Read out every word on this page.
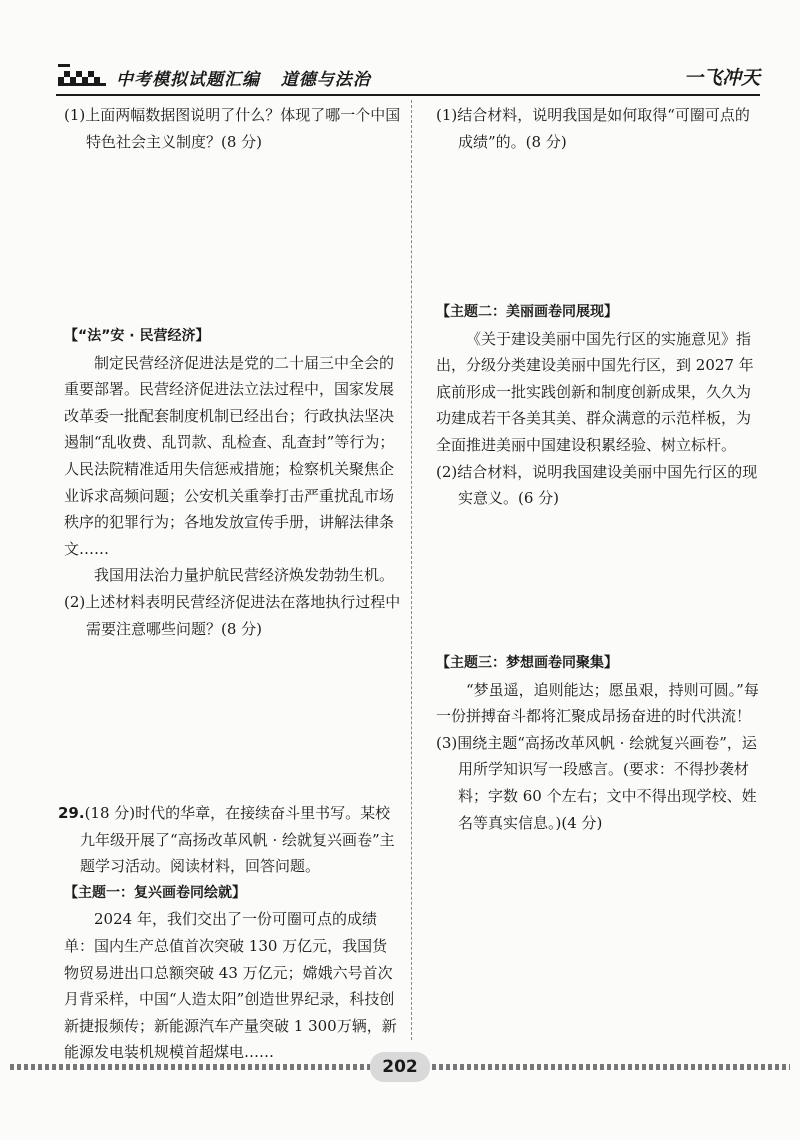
中考模拟试题汇编   道德与法治	一飞冲天

(1)上面两幅数据图说明了什么？体现了哪一个中国特色社会主义制度？(8 分)

【“法”安 · 民营经济】

制定民营经济促进法是党的二十届三中全会的重要部署。民营经济促进法立法过程中，国家发展改革委一批配套制度机制已经出台；行政执法坚决遏制“乱收费、乱罚款、乱检查、乱查封”等行为；人民法院精准适用失信惩戒措施；检察机关聚焦企业诉求高频问题；公安机关重拳打击严重扰乱市场秩序的犯罪行为；各地发放宣传手册，讲解法律条文……

我国用法治力量护航民营经济焕发勃勃生机。

(2)上述材料表明民营经济促进法在落地执行过程中需要注意哪些问题？(8 分)

29.(18 分)时代的华章，在接续奋斗里书写。某校九年级开展了“高扬改革风帆 · 绘就复兴画卷”主题学习活动。阅读材料，回答问题。

【主题一：复兴画卷同绘就】

2024 年，我们交出了一份可圈可点的成绩单：国内生产总值首次突破 130 万亿元，我国货物贸易进出口总额突破 43 万亿元；嫦娥六号首次月背采样，中国“人造太阳”创造世界纪录，科技创新捷报频传；新能源汽车产量突破 1 300万辆，新能源发电装机规模首超煤电……

(1)结合材料，说明我国是如何取得“可圈可点的成绩”的。(8 分)

【主题二：美丽画卷同展现】

《关于建设美丽中国先行区的实施意见》指出，分级分类建设美丽中国先行区，到 2027 年底前形成一批实践创新和制度创新成果，久久为功建成若干各美其美、群众满意的示范样板，为全面推进美丽中国建设积累经验、树立标杆。

(2)结合材料，说明我国建设美丽中国先行区的现实意义。(6 分)

【主题三：梦想画卷同聚集】

“梦虽遥，追则能达；愿虽艰，持则可圆。”每一份拼搏奋斗都将汇聚成昂扬奋进的时代洪流！

(3)围绕主题“高扬改革风帆 · 绘就复兴画卷”，运用所学知识写一段感言。(要求：不得抄袭材料；字数 60 个左右；文中不得出现学校、姓名等真实信息。)(4 分)

202
